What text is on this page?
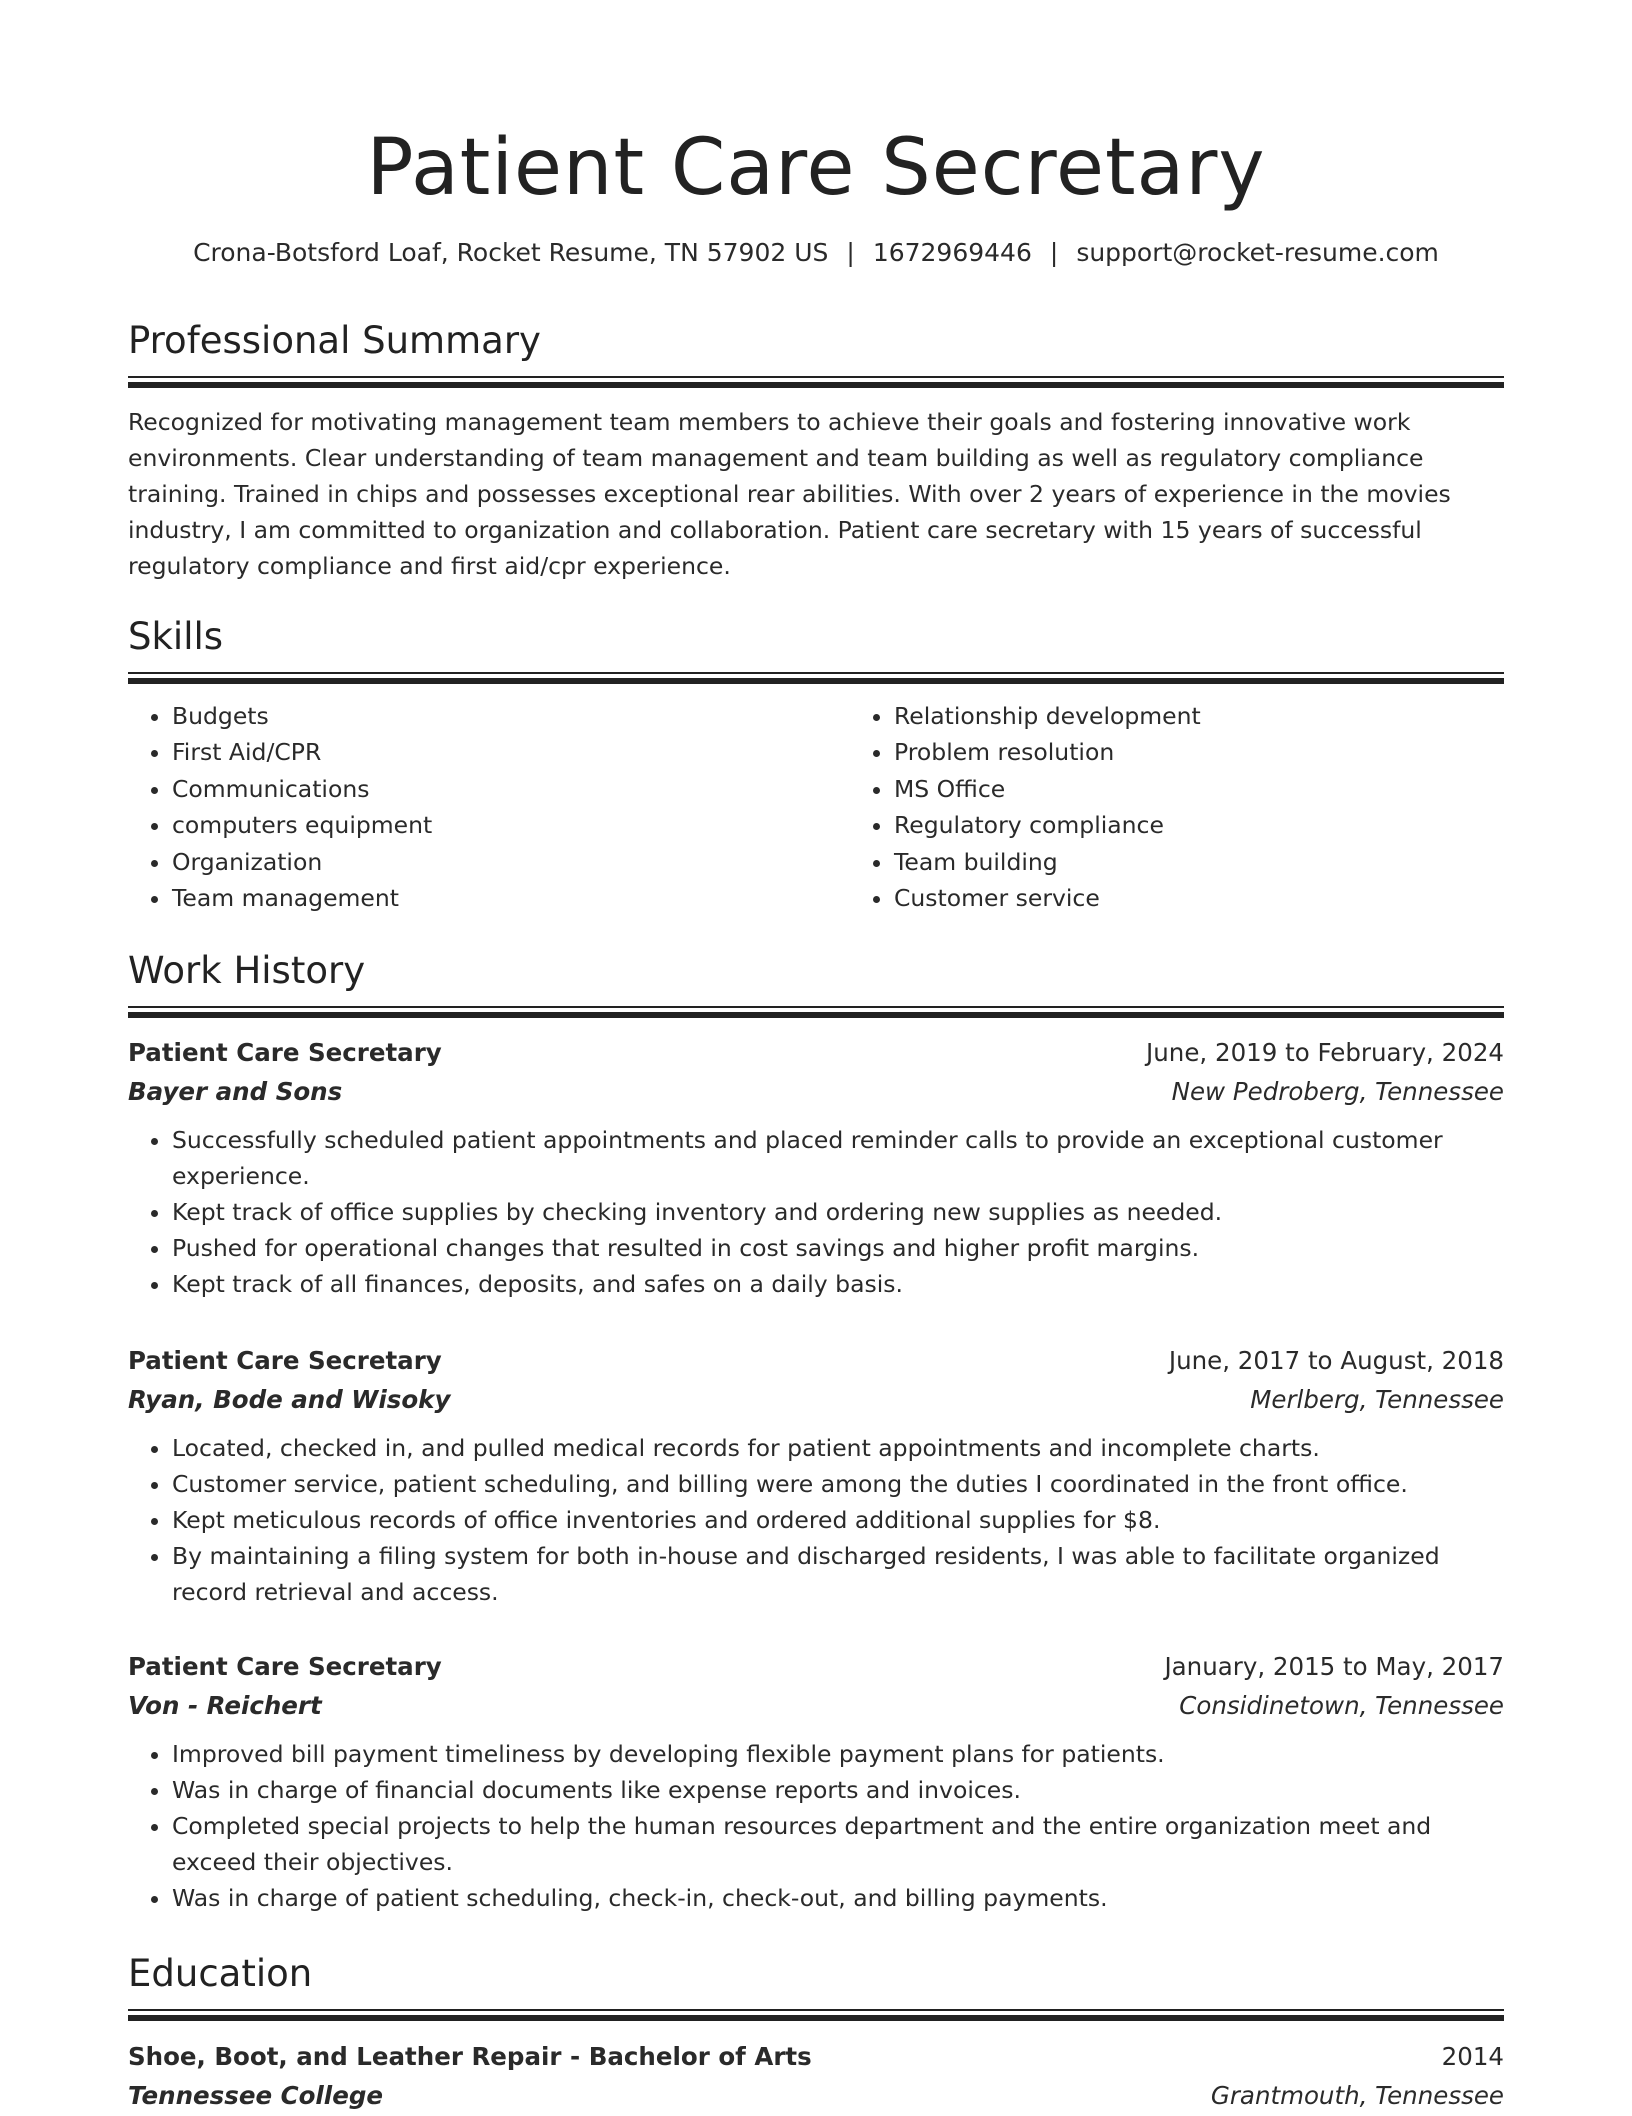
Patient Care Secretary
Crona-Botsford Loaf, Rocket Resume, TN 57902 US | 1672969446 | support@rocket-resume.com
Professional Summary

Recognized for motivating management team members to achieve their goals and fostering innovative work environments. Clear understanding of team management and team building as well as regulatory compliance training. Trained in chips and possesses exceptional rear abilities. With over 2 years of experience in the movies industry, I am committed to organization and collaboration. Patient care secretary with 15 years of successful regulatory compliance and first aid/cpr experience.

Skills
• Budgets
• First Aid/CPR
• Communications
• computers equipment
• Organization
• Team management
• Relationship development
• Problem resolution
• MS Office
• Regulatory compliance
• Team building
• Customer service
Work History
Patient Care Secretary	June, 2019 to February, 2024
Bayer and Sons	New Pedroberg, Tennessee
• Successfully scheduled patient appointments and placed reminder calls to provide an exceptional customer experience.
• Kept track of office supplies by checking inventory and ordering new supplies as needed.
• Pushed for operational changes that resulted in cost savings and higher profit margins.
• Kept track of all finances, deposits, and safes on a daily basis.
Patient Care Secretary	June, 2017 to August, 2018
Ryan, Bode and Wisoky	Merlberg, Tennessee
• Located, checked in, and pulled medical records for patient appointments and incomplete charts.
• Customer service, patient scheduling, and billing were among the duties I coordinated in the front office.
• Kept meticulous records of office inventories and ordered additional supplies for $8.
• By maintaining a filing system for both in-house and discharged residents, I was able to facilitate organized record retrieval and access.
Patient Care Secretary	January, 2015 to May, 2017
Von - Reichert	Considinetown, Tennessee
• Improved bill payment timeliness by developing flexible payment plans for patients.
• Was in charge of financial documents like expense reports and invoices.
• Completed special projects to help the human resources department and the entire organization meet and exceed their objectives.
• Was in charge of patient scheduling, check-in, check-out, and billing payments.
Education
Shoe, Boot, and Leather Repair - Bachelor of Arts	2014
Tennessee College	Grantmouth, Tennessee
